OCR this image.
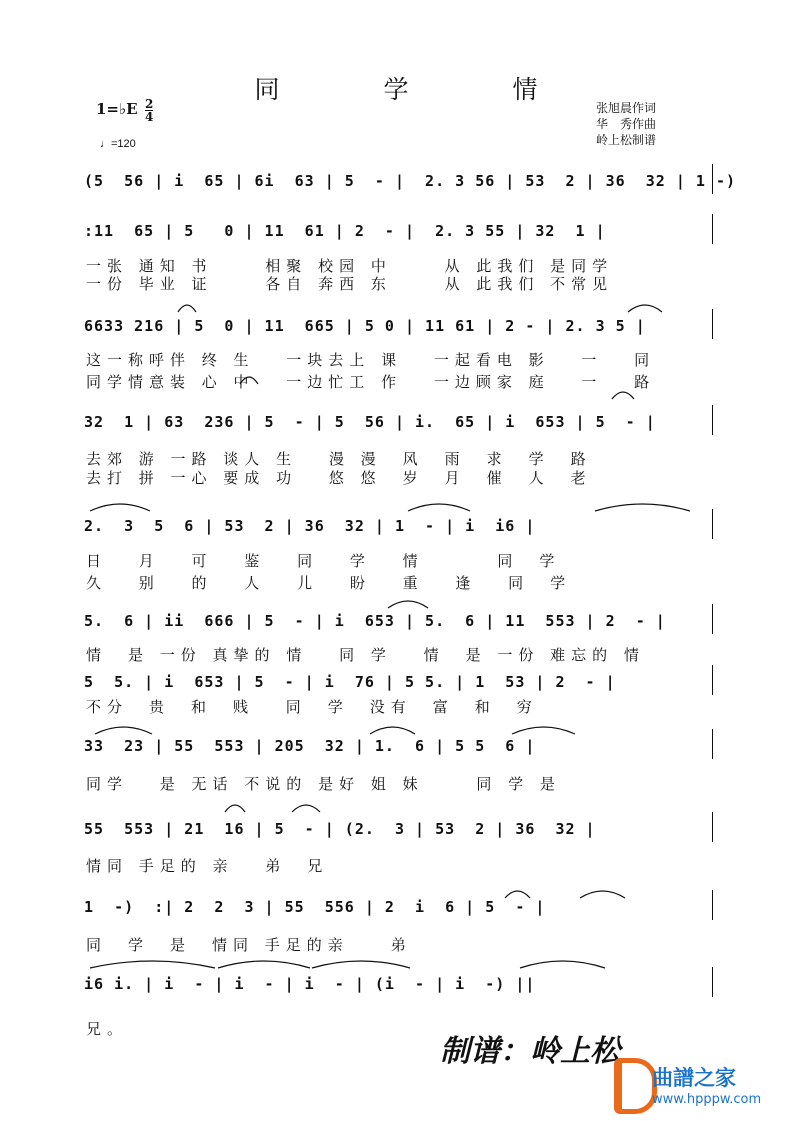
同 学 情
1=♭E 2
4
♩=120
张旭晨作词
华　秀作曲
岭上松制谱
(5  56 | i  65 | 6i  63 | 5  - |  2. 3 56 | 53  2 | 36  32 | 1 -)
:11  65 | 5   0 | 11  61 | 2  - |  2. 3 55 | 32  1 |
一张 通知 书　　 相聚 校园 中　　 从 此我们 是同学
一份 毕业 证　　 各自 奔西 东　　 从 此我们 不常见
6633 216 | 5  0 | 11  665 | 5 0 | 11 61 | 2 - | 2. 3 5 |
这一称呼伴 终 生　 一块去上 课　 一起看电 影　 一　 同
同学情意装 心 中　 一边忙工 作　 一边顾家 庭　 一　 路
32  1 | 63  236 | 5  - | 5  56 | i.  65 | i  653 | 5  - |
去郊 游 一路 谈人 生　 漫 漫　风　雨　求　学　路
去打 拼 一心 要成 功　 悠 悠　岁　月　催　人　老
2.  3  5  6 | 53  2 | 36  32 | 1  - | i  i6 |
日　 月　 可　 鉴　 同　 学　 情　　　 同　学
久　 别　 的　 人　 儿　 盼　 重　 逢　 同　学
5.  6 | ii  666 | 5  - | i  653 | 5.  6 | 11  553 | 2  - |
情　是 一份 真挚的 情　 同 学　 情　是 一份 难忘的 情
5  5. | i  653 | 5  - | i  76 | 5 5. | 1  53 | 2  - |
不分　贵　和　贱　 同　学　没有　富　和　穷
33  23 | 55  553 | 205  32 | 1.  6 | 5 5  6 |
同学　 是 无话 不说的 是好 姐 妹　　 同 学 是
55  553 | 21  16 | 5  - | (2.  3 | 53  2 | 36  32 |
情同 手足的 亲　 弟　兄
1  -)  :| 2  2  3 | 55  556 | 2  i  6 | 5  - |
同　学　是　情同 手足的亲　　弟
i6 i. | i  - | i  - | i  - | (i  - | i  -) ||
兄。
制谱：岭上松
曲譜之家
www.hpppw.com
